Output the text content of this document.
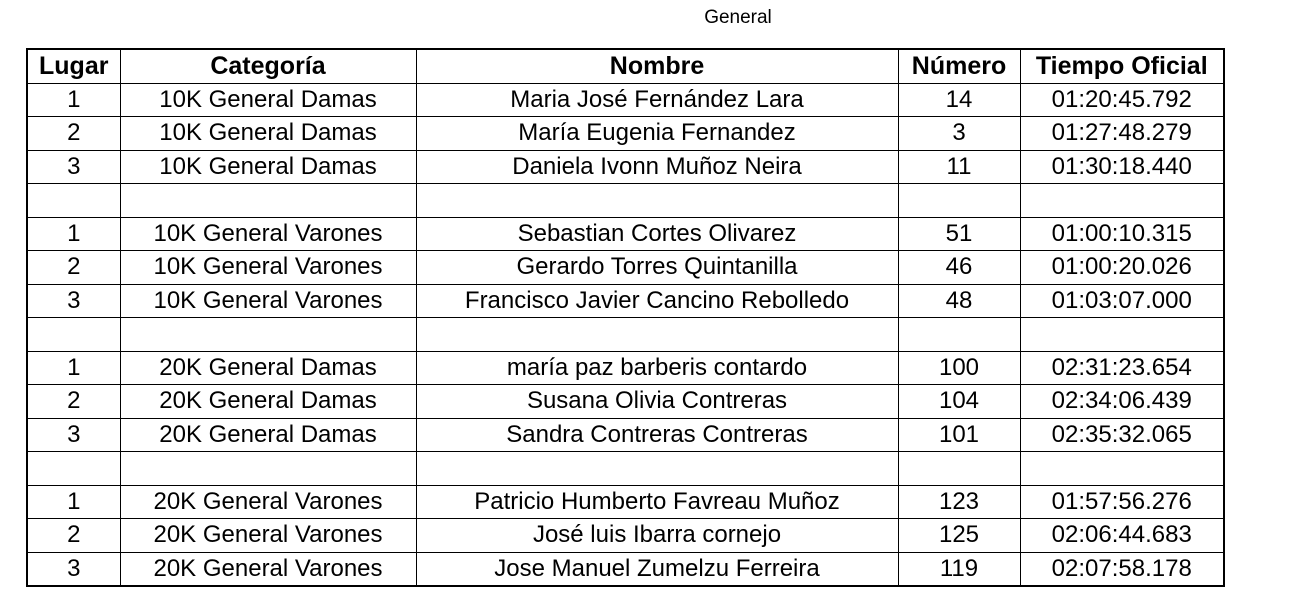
General
Lugar	Categoría	Nombre	Número	Tiempo Oficial
1	10K General Damas	Maria José Fernández Lara	14	01:20:45.792
2	10K General Damas	María Eugenia Fernandez	3	01:27:48.279
3	10K General Damas	Daniela Ivonn Muñoz Neira	11	01:30:18.440

1	10K General Varones	Sebastian Cortes Olivarez	51	01:00:10.315
2	10K General Varones	Gerardo Torres Quintanilla	46	01:00:20.026
3	10K General Varones	Francisco Javier Cancino Rebolledo	48	01:03:07.000

1	20K General Damas	maría paz barberis contardo	100	02:31:23.654
2	20K General Damas	Susana Olivia Contreras	104	02:34:06.439
3	20K General Damas	Sandra Contreras Contreras	101	02:35:32.065

1	20K General Varones	Patricio Humberto Favreau Muñoz	123	01:57:56.276
2	20K General Varones	José luis Ibarra cornejo	125	02:06:44.683
3	20K General Varones	Jose Manuel Zumelzu Ferreira	119	02:07:58.178
